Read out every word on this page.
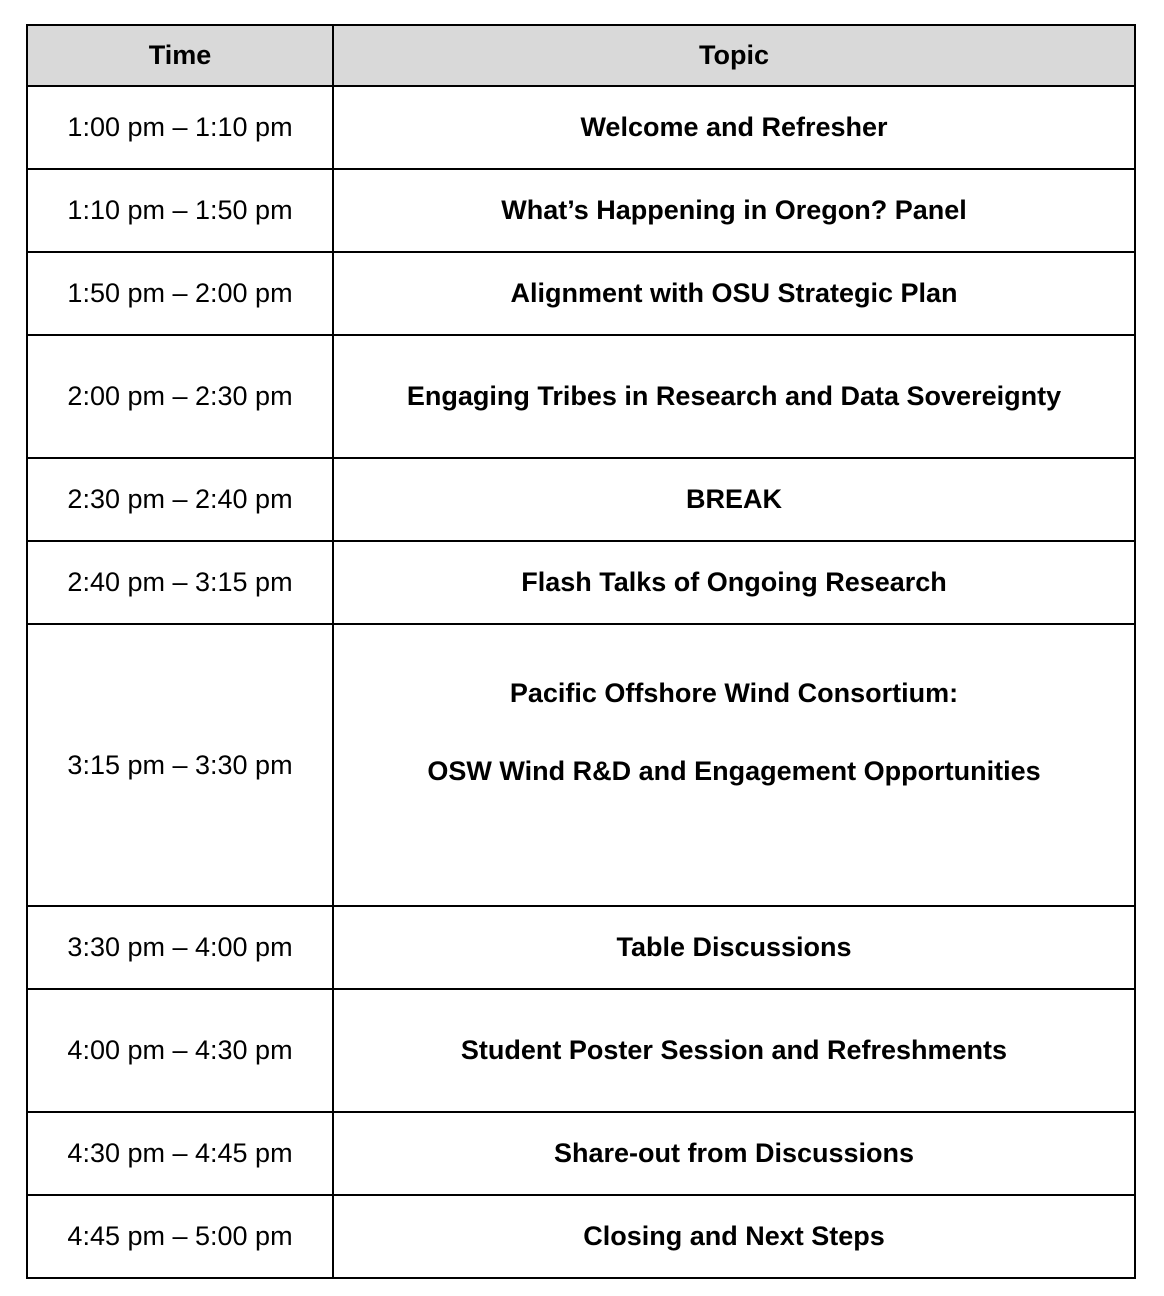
Time	Topic
1:00 pm – 1:10 pm	Welcome and Refresher

1:10 pm – 1:50 pm	What’s Happening in Oregon? Panel

1:50 pm – 2:00 pm	Alignment with OSU Strategic Plan

2:00 pm – 2:30 pm	Engaging Tribes in Research and Data Sovereignty

2:30 pm – 2:40 pm	BREAK

2:40 pm – 3:15 pm	Flash Talks of Ongoing Research

3:15 pm – 3:30 pm	Pacific Offshore Wind Consortium:
OSW Wind R&D and Engagement Opportunities

3:30 pm – 4:00 pm	Table Discussions

4:00 pm – 4:30 pm	Student Poster Session and Refreshments

4:30 pm – 4:45 pm	Share-out from Discussions

4:45 pm – 5:00 pm	Closing and Next Steps
